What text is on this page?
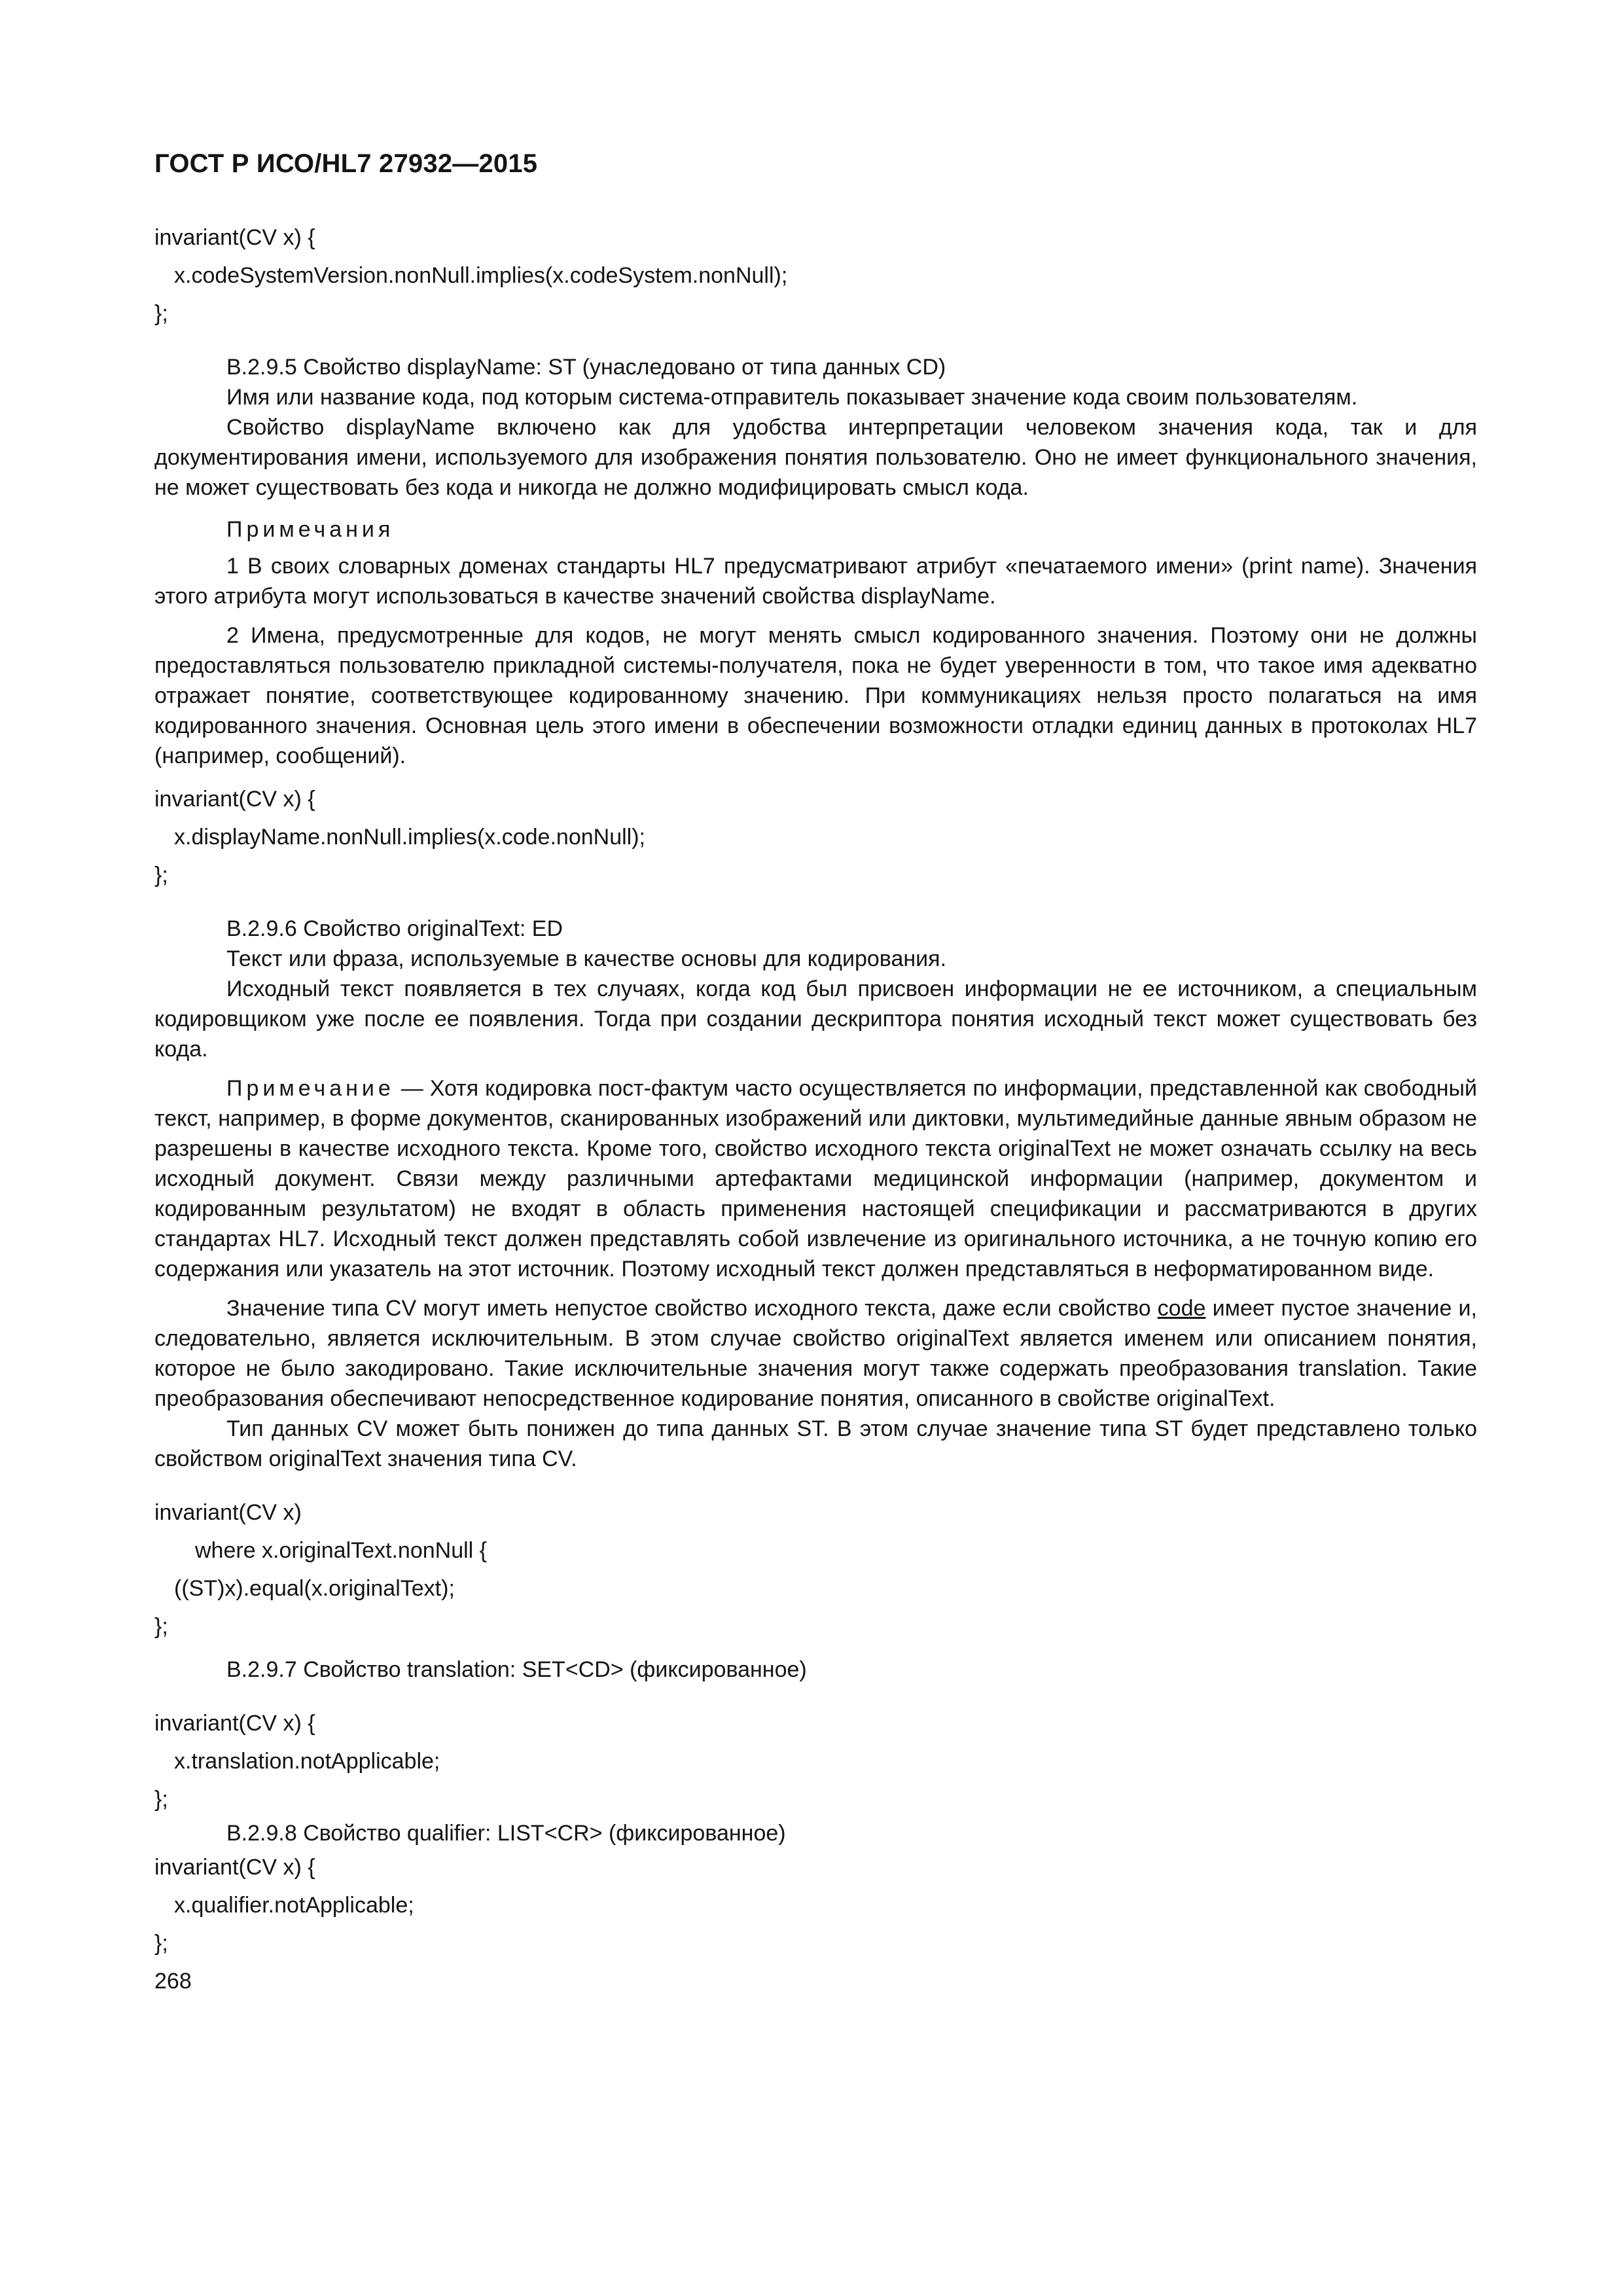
ГОСТ Р ИСО/HL7 27932—2015
invariant(CV x) {
x.codeSystemVersion.nonNull.implies(x.codeSystem.nonNull);
};

В.2.9.5 Свойство displayName: ST (унаследовано от типа данных CD)

Имя или название кода, под которым система-отправитель показывает значение кода своим пользователям.

Свойство displayName включено как для удобства интерпретации человеком значения кода, так и для документирования имени, используемого для изображения понятия пользователю. Оно не имеет функционального значения, не может существовать без кода и никогда не должно модифицировать смысл кода.

Примечания

1 В своих словарных доменах стандарты HL7 предусматривают атрибут «печатаемого имени» (print name). Значения этого атрибута могут использоваться в качестве значений свойства displayName.

2 Имена, предусмотренные для кодов, не могут менять смысл кодированного значения. Поэтому они не должны предоставляться пользователю прикладной системы-получателя, пока не будет уверенности в том, что такое имя адекватно отражает понятие, соответствующее кодированному значению. При коммуникациях нельзя просто полагаться на имя кодированного значения. Основная цель этого имени в обеспечении возможности отладки единиц данных в протоколах HL7 (например, сообщений).

invariant(CV x) {
x.displayName.nonNull.implies(x.code.nonNull);
};

В.2.9.6 Свойство originalText: ED

Текст или фраза, используемые в качестве основы для кодирования.

Исходный текст появляется в тех случаях, когда код был присвоен информации не ее источником, а специальным кодировщиком уже после ее появления. Тогда при создании дескриптора понятия исходный текст может существовать без кода.

Примечание — Хотя кодировка пост-фактум часто осуществляется по информации, представленной как свободный текст, например, в форме документов, сканированных изображений или диктовки, мультимедийные данные явным образом не разрешены в качестве исходного текста. Кроме того, свойство исходного текста originalText не может означать ссылку на весь исходный документ. Связи между различными артефактами медицинской информации (например, документом и кодированным результатом) не входят в область применения настоящей спецификации и рассматриваются в других стандартах HL7. Исходный текст должен представлять собой извлечение из оригинального источника, а не точную копию его содержания или указатель на этот источник. Поэтому исходный текст должен представляться в неформатированном виде.

Значение типа CV могут иметь непустое свойство исходного текста, даже если свойство code имеет пустое значение и, следовательно, является исключительным. В этом случае свойство originalText является именем или описанием понятия, которое не было закодировано. Такие исключительные значения могут также содержать преобразования translation. Такие преобразования обеспечивают непосредственное кодирование понятия, описанного в свойстве originalText.

Тип данных CV может быть понижен до типа данных ST. В этом случае значение типа ST будет представлено только свойством originalText значения типа CV.

invariant(CV x)
where x.originalText.nonNull {
((ST)x).equal(x.originalText);
};

В.2.9.7 Свойство translation: SET<CD> (фиксированное)

invariant(CV x) {
x.translation.notApplicable;
};

В.2.9.8 Свойство qualifier: LIST<CR> (фиксированное)

invariant(CV x) {
x.qualifier.notApplicable;
};
268
